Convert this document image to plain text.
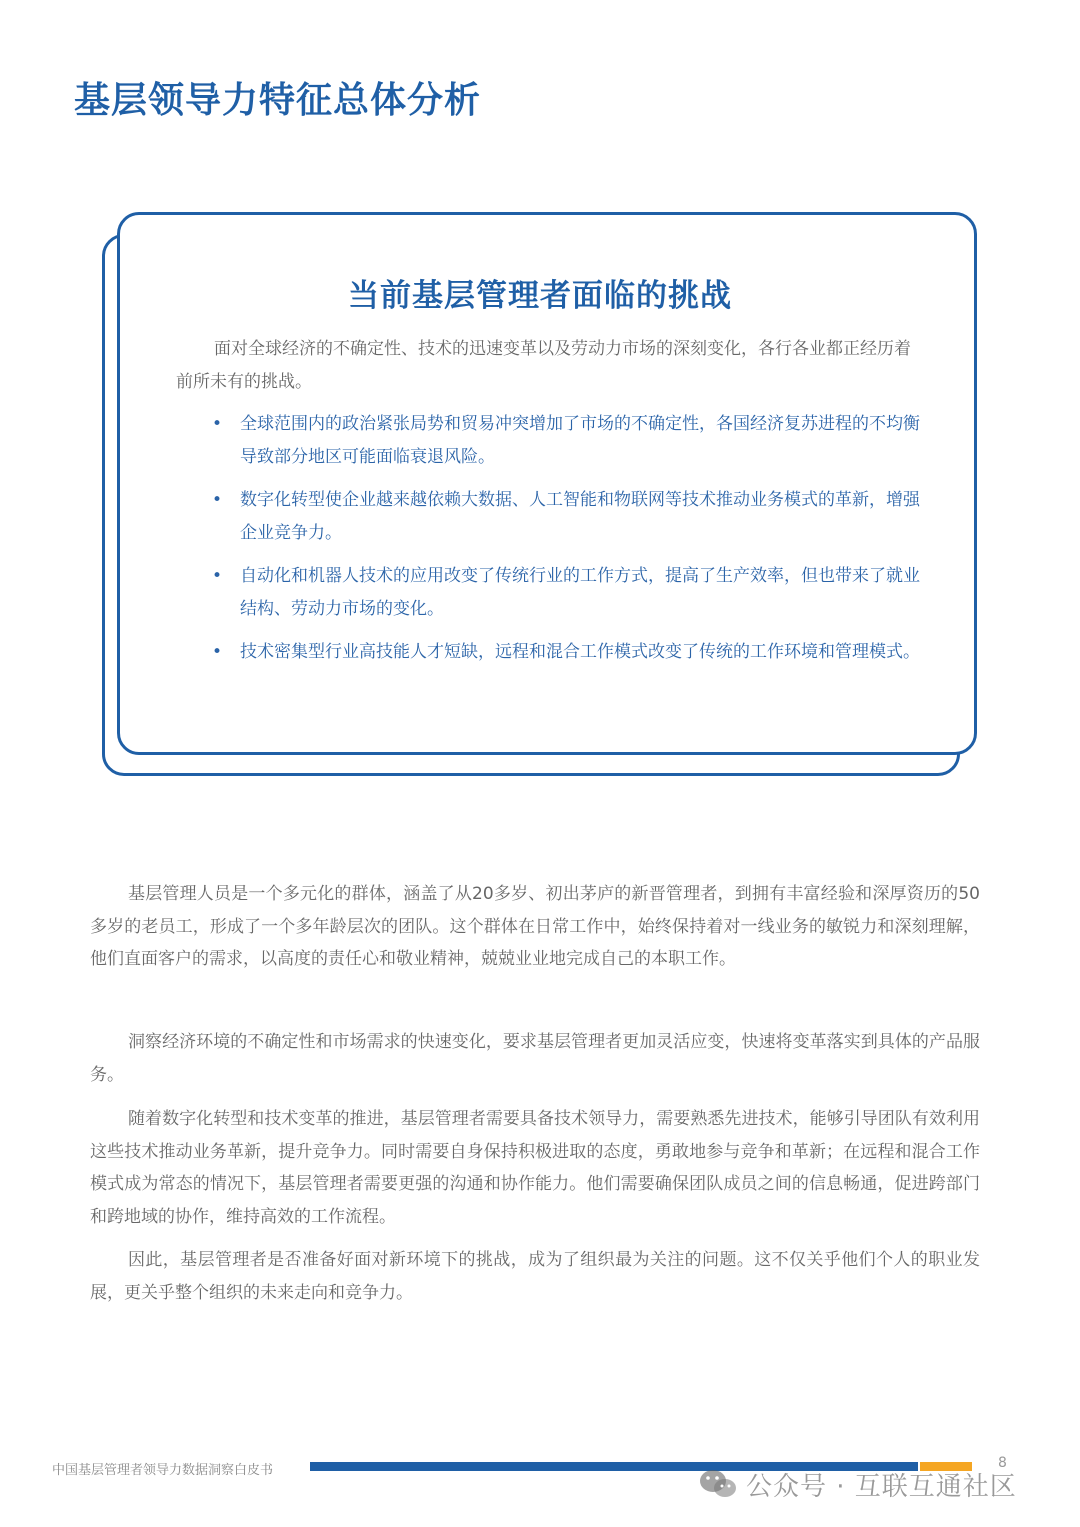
基层领导力特征总体分析
当前基层管理者面临的挑战

面对全球经济的不确定性、技术的迅速变革以及劳动力市场的深刻变化，各行各业都正经历着前所未有的挑战。

• 全球范围内的政治紧张局势和贸易冲突增加了市场的不确定性，各国经济复苏进程的不均衡导致部分地区可能面临衰退风险。
• 数字化转型使企业越来越依赖大数据、人工智能和物联网等技术推动业务模式的革新，增强企业竞争力。
• 自动化和机器人技术的应用改变了传统行业的工作方式，提高了生产效率，但也带来了就业结构、劳动力市场的变化。
• 技术密集型行业高技能人才短缺，远程和混合工作模式改变了传统的工作环境和管理模式。

基层管理人员是一个多元化的群体，涵盖了从20多岁、初出茅庐的新晋管理者，到拥有丰富经验和深厚资历的50多岁的老员工，形成了一个多年龄层次的团队。这个群体在日常工作中，始终保持着对一线业务的敏锐力和深刻理解，他们直面客户的需求，以高度的责任心和敬业精神，兢兢业业地完成自己的本职工作。

洞察经济环境的不确定性和市场需求的快速变化，要求基层管理者更加灵活应变，快速将变革落实到具体的产品服务。

随着数字化转型和技术变革的推进，基层管理者需要具备技术领导力，需要熟悉先进技术，能够引导团队有效利用这些技术推动业务革新，提升竞争力。同时需要自身保持积极进取的态度，勇敢地参与竞争和革新；在远程和混合工作模式成为常态的情况下，基层管理者需要更强的沟通和协作能力。他们需要确保团队成员之间的信息畅通，促进跨部门和跨地域的协作，维持高效的工作流程。

因此，基层管理者是否准备好面对新环境下的挑战，成为了组织最为关注的问题。这不仅关乎他们个人的职业发展，更关乎整个组织的未来走向和竞争力。

中国基层管理者领导力数据洞察白皮书	8

公众号 · 互联互通社区
